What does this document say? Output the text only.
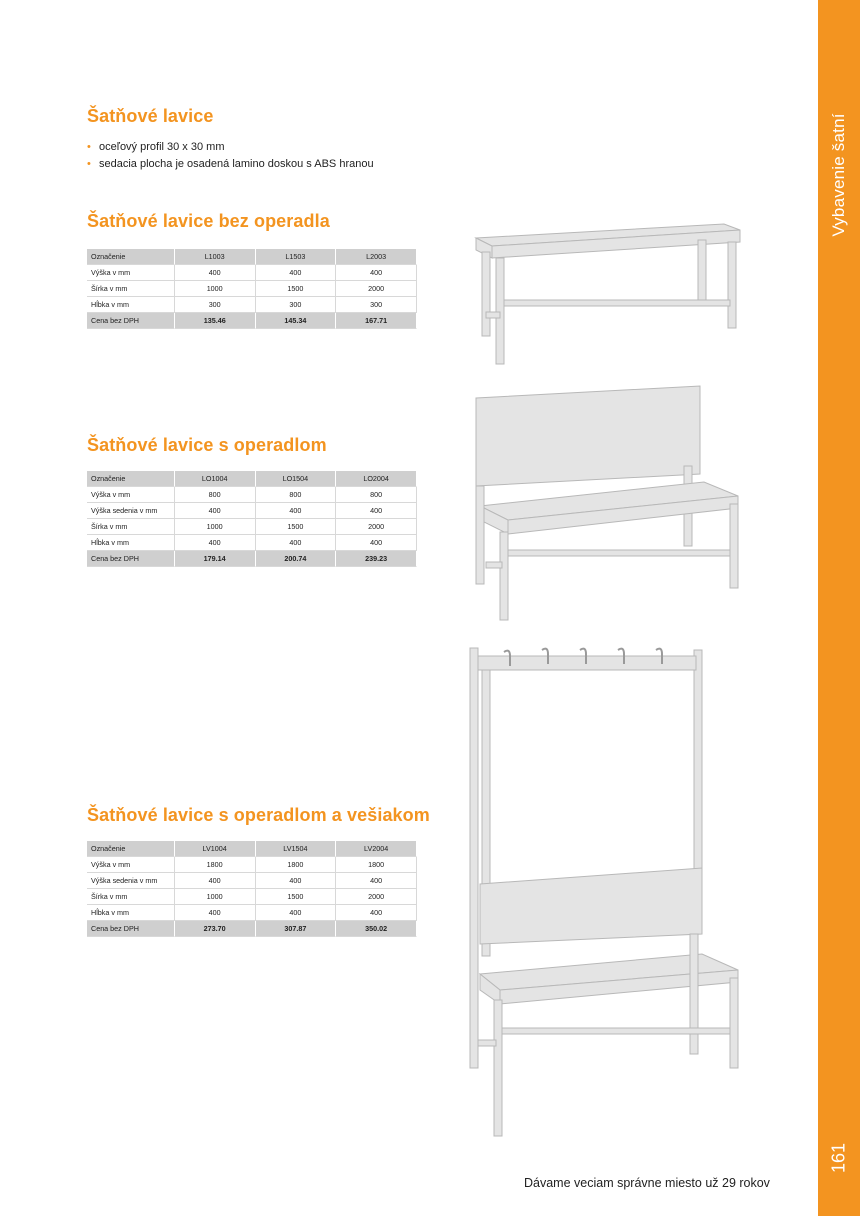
Vybavenie šatní
161
Šatňové lavice
• oceľový profil 30 x 30 mm
• sedacia plocha je osadená lamino doskou s ABS hranou
Šatňové lavice bez operadla
Označenie	L1003	L1503	L2003
Výška v mm	400	400	400
Šírka v mm	1000	1500	2000
Hĺbka v mm	300	300	300
Cena bez DPH	135.46	145.34	167.71
Šatňové lavice s operadlom
Označenie	LO1004	LO1504	LO2004
Výška v mm	800	800	800
Výška sedenia v mm	400	400	400
Šírka v mm	1000	1500	2000
Hĺbka v mm	400	400	400
Cena bez DPH	179.14	200.74	239.23
Šatňové lavice s operadlom a vešiakom
Označenie	LV1004	LV1504	LV2004
Výška v mm	1800	1800	1800
Výška sedenia v mm	400	400	400
Šírka v mm	1000	1500	2000
Hĺbka v mm	400	400	400
Cena bez DPH	273.70	307.87	350.02
Dávame veciam správne miesto už 29 rokov
